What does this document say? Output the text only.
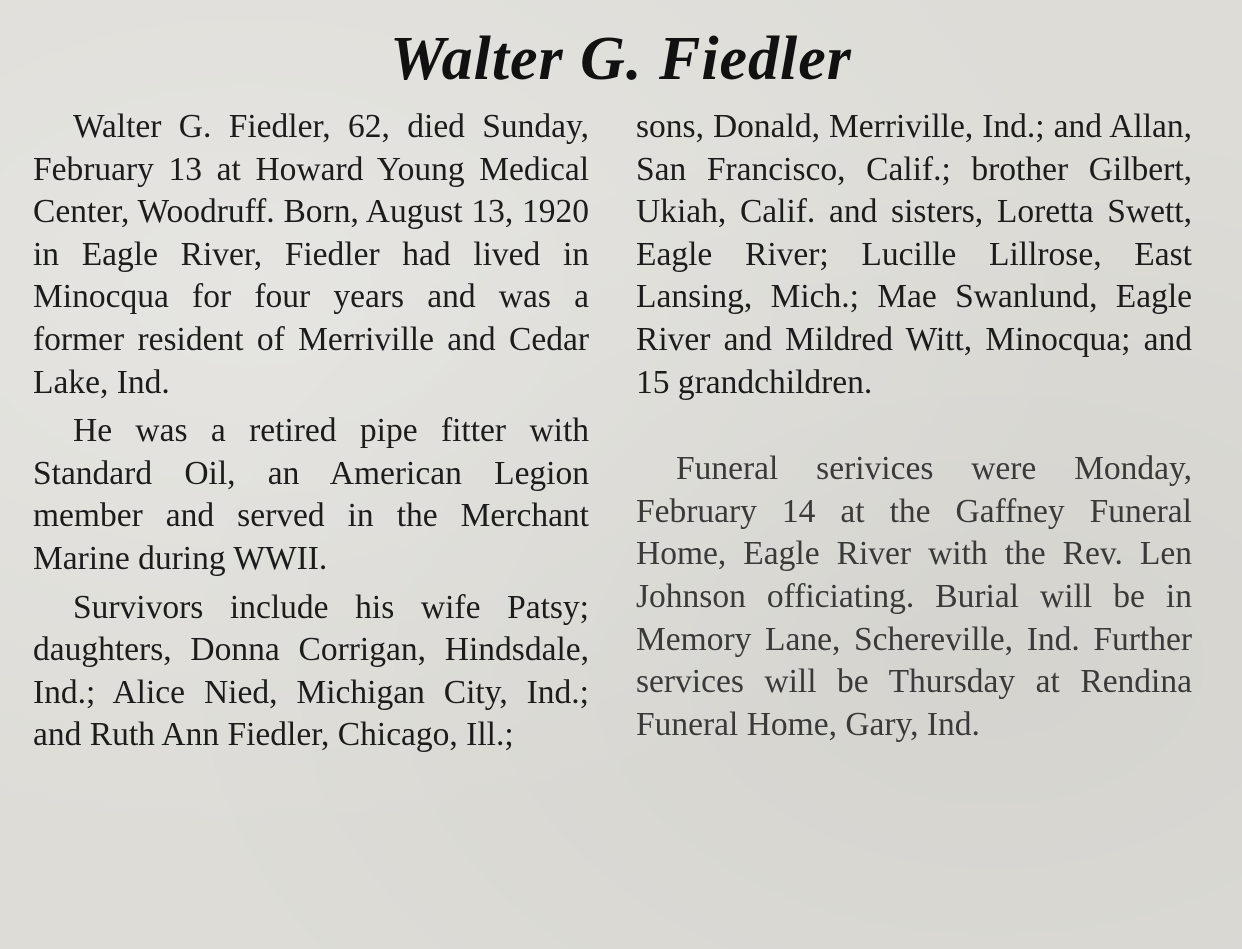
Walter G. Fiedler

Walter G. Fiedler, 62, died Sunday, February 13 at Howard Young Medical Center, Woodruff. Born, August 13, 1920 in Eagle River, Fiedler had lived in Minocqua for four years and was a former resident of Merriville and Cedar Lake, Ind.

He was a retired pipe fitter with Standard Oil, an American Legion member and served in the Merchant Marine during WWII.

Survivors include his wife Patsy; daughters, Donna Corrigan, Hindsdale, Ind.; Alice Nied, Michigan City, Ind.; and Ruth Ann Fiedler, Chicago, Ill.;

sons, Donald, Merriville, Ind.; and Allan, San Francisco, Calif.; brother Gilbert, Ukiah, Calif. and sisters, Loretta Swett, Eagle River; Lucille Lillrose, East Lansing, Mich.; Mae Swanlund, Eagle River and Mildred Witt, Minocqua; and 15 grandchildren.

Funeral serivices were Monday, February 14 at the Gaffney Funeral Home, Eagle River with the Rev. Len Johnson officiating. Burial will be in Memory Lane, Schereville, Ind. Further services will be Thursday at Rendina Funeral Home, Gary, Ind.
